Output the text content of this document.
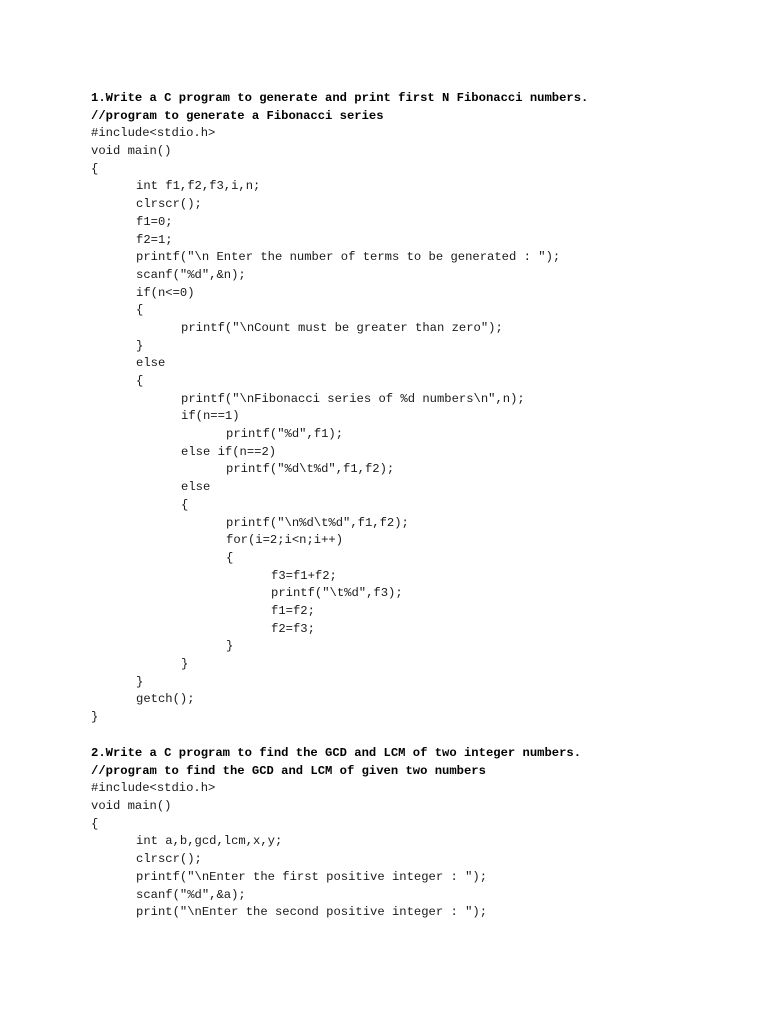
1.Write a C program to generate and print first N Fibonacci numbers.
//program to generate a Fibonacci series
#include<stdio.h>
void main()
{
int f1,f2,f3,i,n;
clrscr();
f1=0;
f2=1;
printf("\n Enter the number of terms to be generated : ");
scanf("%d",&n);
if(n<=0)
{
printf("\nCount must be greater than zero");
}
else
{
printf("\nFibonacci series of %d numbers\n",n);
if(n==1)
printf("%d",f1);
else if(n==2)
printf("%d\t%d",f1,f2);
else
{
printf("\n%d\t%d",f1,f2);
for(i=2;i<n;i++)
{
f3=f1+f2;
printf("\t%d",f3);
f1=f2;
f2=f3;
}
}
}
getch();
}
2.Write a C program to find the GCD and LCM of two integer numbers.
//program to find the GCD and LCM of given two numbers
#include<stdio.h>
void main()
{
int a,b,gcd,lcm,x,y;
clrscr();
printf("\nEnter the first positive integer : ");
scanf("%d",&a);
print("\nEnter the second positive integer : ");
